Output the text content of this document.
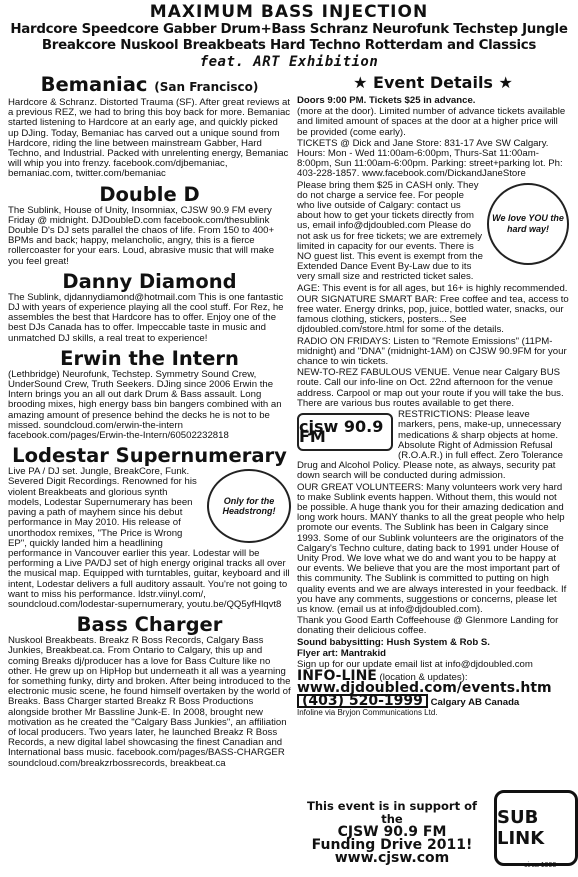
MAXIMUM BASS INJECTION
Hardcore Speedcore Gabber Drum+Bass Schranz Neurofunk Techstep Jungle
Breakcore Nuskool Breakbeats Hard Techno Rotterdam and Classics
feat. ART Exhibition
Bemaniac (San Francisco)

Hardcore & Schranz. Distorted Trauma (SF). After great reviews at a previous REZ, we had to bring this boy back for more. Bemaniac started listening to Hardcore at an early age, and quickly picked up DJing. Today, Bemaniac has carved out a unique sound from Hardcore, riding the line between mainstream Gabber, Hard Techno, and Industrial. Packed with unrelenting energy, Bemaniac will whip you into frenzy. facebook.com/djbemaniac, bemaniac.com, twitter.com/bemaniac

Double D

The Sublink, House of Unity, Insomniax, CJSW 90.9 FM every Friday @ midnight. DJDoubleD.com facebook.com/thesublink Double D's DJ sets parallel the chaos of life. From 150 to 400+ BPMs and back; happy, melancholic, angry, this is a fierce rollercoaster for your ears. Loud, abrasive music that will make you feel great!

Danny Diamond

The Sublink, djdannydiamond@hotmail.com This is one fantastic DJ with years of experience playing all the cool stuff. For Rez, he assembles the best that Hardcore has to offer. Enjoy one of the best DJs Canada has to offer. Impeccable taste in music and unmatched DJ skills, a real treat to experience!

Erwin the Intern

(Lethbridge) Neurofunk, Techstep. Symmetry Sound Crew, UnderSound Crew, Truth Seekers. DJing since 2006 Erwin the Intern brings you an all out dark Drum & Bass assault. Long brooding mixes, high energy bass bin bangers combined with an amazing amount of presence behind the decks he is not to be missed. soundcloud.com/erwin-the-intern facebook.com/pages/Erwin-the-Intern/60502232818

Lodestar Supernumerary
Only for the Headstrong!

Live PA / DJ set. Jungle, BreakCore, Funk. Severed Digit Recordings. Renowned for his violent Breakbeats and glorious synth models, Lodestar Supernumerary has been paving a path of mayhem since his debut performance in May 2010. His release of unorthodox remixes, "The Price is Wrong EP", quickly landed him a headlining performance in Vancouver earlier this year. Lodestar will be performing a Live PA/DJ set of high energy original tracks all over the musical map. Equipped with turntables, guitar, keyboard and ill intent, Lodestar delivers a full auditory assault. You're not going to want to miss his performance. ldstr.viinyl.com/, soundcloud.com/lodestar-supernumerary, youtu.be/QQ5yfHlqvt8

Bass Charger

Nuskool Breakbeats. Breakz R Boss Records, Calgary Bass Junkies, Breakbeat.ca. From Ontario to Calgary, this up and coming Breaks dj/producer has a love for Bass Culture like no other. He grew up on HipHop but underneath it all was a yearning for something funky, dirty and broken. After being introduced to the electronic music scene, he found himself overtaken by the world of Breaks. Bass Charger started Breakz R Boss Productions alongside brother Mr Bassline Junk-E. In 2008, brought new motivation as he created the "Calgary Bass Junkies", an affiliation of local producers. Two years later, he launched Breakz R Boss Records, a new digital label showcasing the finest Canadian and International bass music. facebook.com/pages/BASS-CHARGER soundcloud.com/breakzrbossrecords, breakbeat.ca

★ Event Details ★

Doors 9:00 PM. Tickets $25 in advance.

(more at the door). Limited number of advance tickets available and limited amount of spaces at the door at a higher price will be provided (come early).

TICKETS @ Dick and Jane Store: 831-17 Ave SW Calgary. Hours: Mon - Wed 11:00am-6:00pm, Thurs-Sat 11:00am-8:00pm, Sun 11:00am-6:00pm. Parking: street+parking lot. Ph: 403-228-1857. www.facebook.com/DickandJaneStore

We love YOU the hard way!

Please bring them $25 in CASH only. They do not charge a service fee. For people who live outside of Calgary: contact us about how to get your tickets directly from us, email info@djdoubled.com Please do not ask us for free tickets; we are extremely limited in capacity for our events. There is NO guest list. This event is exempt from the Extended Dance Event By-Law due to its very small size and restricted ticket sales.

AGE: This event is for all ages, but 16+ is highly recommended.

OUR SIGNATURE SMART BAR: Free coffee and tea, access to free water. Energy drinks, pop, juice, bottled water, snacks, our famous clothing, stickers, posters... See djdoubled.com/store.html for some of the details.

RADIO ON FRIDAYS: Listen to "Remote Emissions" (11PM-midnight) and "DNA" (midnight-1AM) on CJSW 90.9FM for your chance to win tickets.

NEW-TO-REZ FABULOUS VENUE. Venue near Calgary BUS route. Call our info-line on Oct. 22nd afternoon for the venue address. Carpool or map out your route if you will take the bus. There are various bus routes available to get there.

cjsw 90.9 FM

RESTRICTIONS: Please leave markers, pens, make-up, unnecessary medications & sharp objects at home. Absolute Right of Admission Refusal (R.O.A.R.) in full effect. Zero Tolerance Drug and Alcohol Policy. Please note, as always, security pat down search will be conducted during admission.

OUR GREAT VOLUNTEERS: Many volunteers work very hard to make Sublink events happen. Without them, this would not be possible. A huge thank you for their amazing dedication and long work hours. MANY thanks to all the great people who help promote our events. The Sublink has been in Calgary since 1993. Some of our Sublink volunteers are the originators of the Calgary's Techno culture, dating back to 1991 under House of Unity Prod. We love what we do and want you to be happy at our events. We believe that you are the most important part of this community. The Sublink is committed to putting on high quality events and we are always interested in your feedback. If you have any comments, suggestions or concerns, please let us know. (email us at info@djdoubled.com).

Thank you Good Earth Coffeehouse @ Glenmore Landing for donating their delicious coffee.

Sound babysitting: Hush System & Rob S.

Flyer art: Mantrakid

Sign up for our update email list at info@djdoubled.com

INFO-LINE (location & updates):
www.djdoubled.com/events.htm
(403) 520-1999 Calgary AB Canada
Infoline via Bryjon Communications Ltd.
This event is in support of the
CJSW 90.9 FM
Funding Drive 2011!
www.cjsw.com
SUB LINK
circa 1993
